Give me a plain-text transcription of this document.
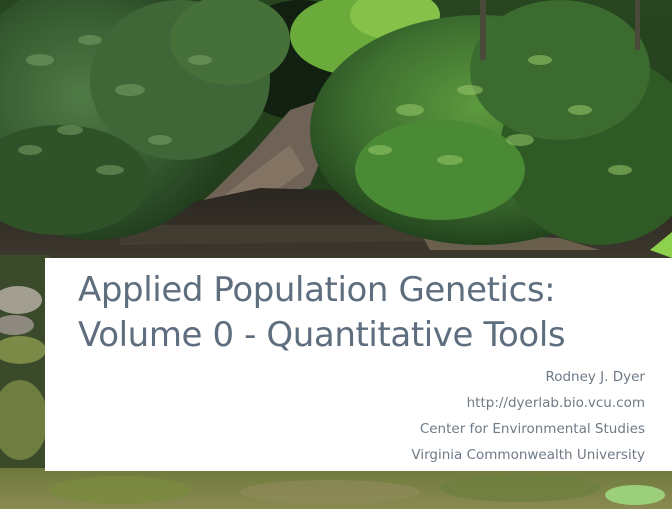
Applied Population Genetics:
Volume 0 - Quantitative Tools
Rodney J. Dyer
http://dyerlab.bio.vcu.com
Center for Environmental Studies
Virginia Commonwealth University
